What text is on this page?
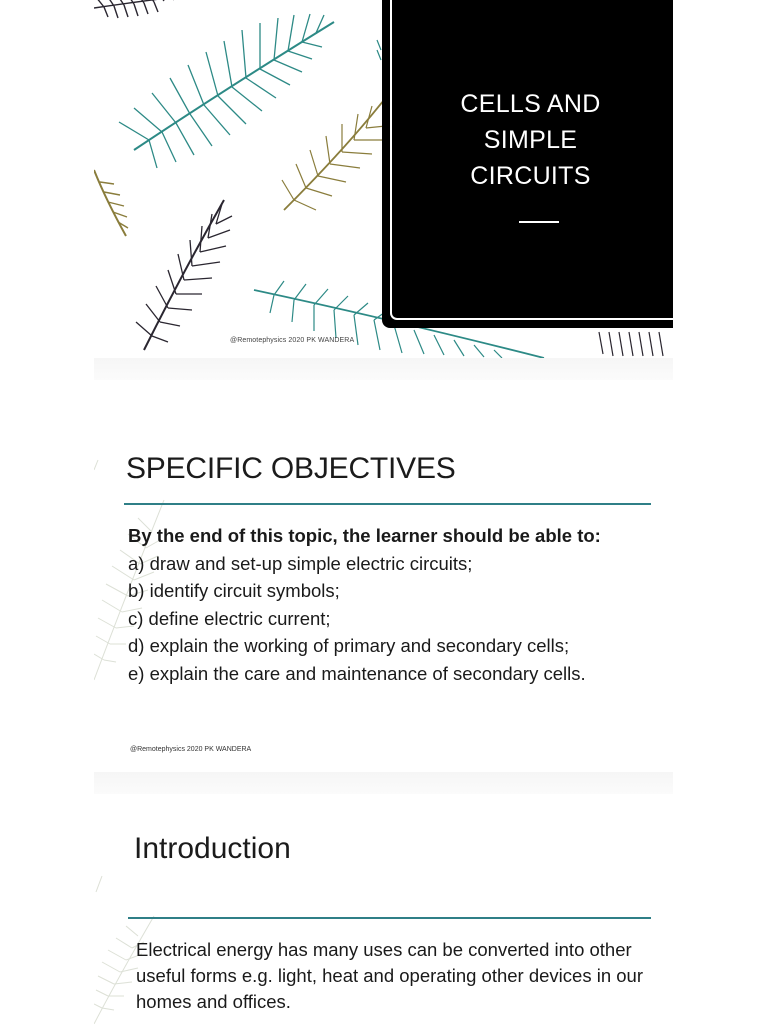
CELLS AND
SIMPLE
CIRCUITS
@Remotephysics 2020 PK WANDERA
SPECIFIC OBJECTIVES
By the end of this topic, the learner should be able to:
a) draw and set-up simple electric circuits;
b) identify circuit symbols;
c) define electric current;
d) explain the working of primary and secondary cells;
e) explain the care and maintenance of secondary cells.
@Remotephysics 2020 PK WANDERA
Introduction
Electrical energy has many uses can be converted into other useful forms e.g. light, heat and operating other devices in our homes and offices.
